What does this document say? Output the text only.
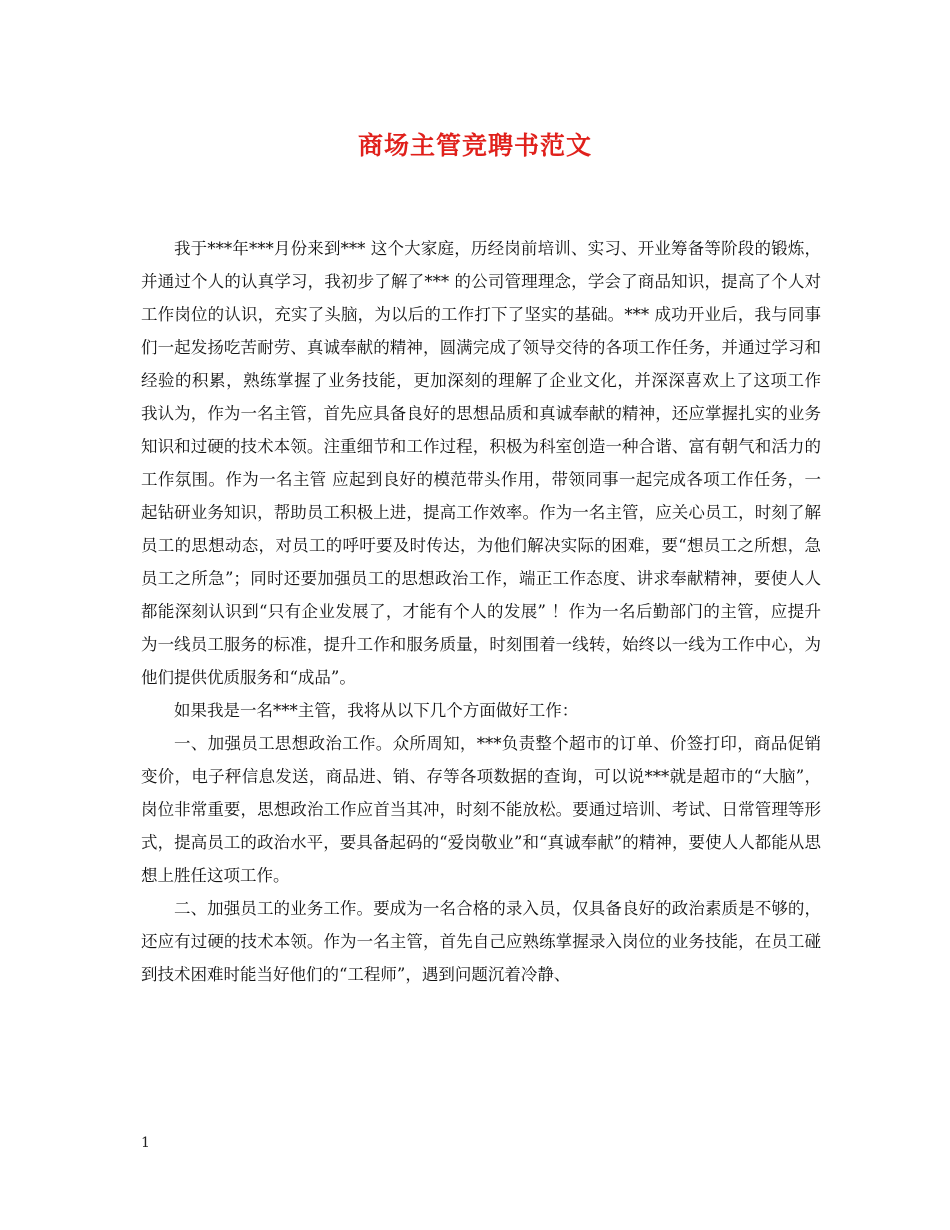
商场主管竞聘书范文

我于***年***月份来到*** 这个大家庭，历经岗前培训、实习、开业筹备等阶段的锻炼，并通过个人的认真学习，我初步了解了*** 的公司管理理念，学会了商品知识，提高了个人对工作岗位的认识，充实了头脑，为以后的工作打下了坚实的基础。*** 成功开业后，我与同事们一起发扬吃苦耐劳、真诚奉献的精神，圆满完成了领导交待的各项工作任务，并通过学习和经验的积累，熟练掌握了业务技能，更加深刻的理解了企业文化，并深深喜欢上了这项工作 我认为，作为一名主管，首先应具备良好的思想品质和真诚奉献的精神，还应掌握扎实的业务知识和过硬的技术本领。注重细节和工作过程，积极为科室创造一种合谐、富有朝气和活力的工作氛围。作为一名主管 应起到良好的模范带头作用，带领同事一起完成各项工作任务，一起钻研业务知识，帮助员工积极上进，提高工作效率。作为一名主管，应关心员工，时刻了解员工的思想动态，对员工的呼吁要及时传达，为他们解决实际的困难，要“想员工之所想，急员工之所急”；同时还要加强员工的思想政治工作，端正工作态度、讲求奉献精神，要使人人都能深刻认识到“只有企业发展了，才能有个人的发展” ！作为一名后勤部门的主管，应提升为一线员工服务的标准，提升工作和服务质量，时刻围着一线转，始终以一线为工作中心，为他们提供优质服务和“成品”。

如果我是一名***主管，我将从以下几个方面做好工作：

一、加强员工思想政治工作。众所周知，***负责整个超市的订单、价签打印，商品促销变价，电子秤信息发送，商品进、销、存等各项数据的查询，可以说***就是超市的“大脑”，岗位非常重要，思想政治工作应首当其冲，时刻不能放松。要通过培训、考试、日常管理等形式，提高员工的政治水平，要具备起码的“爱岗敬业”和“真诚奉献”的精神，要使人人都能从思想上胜任这项工作。

二、加强员工的业务工作。要成为一名合格的录入员，仅具备良好的政治素质是不够的，还应有过硬的技术本领。作为一名主管，首先自己应熟练掌握录入岗位的业务技能，在员工碰到技术困难时能当好他们的“工程师”，遇到问题沉着冷静、

1
